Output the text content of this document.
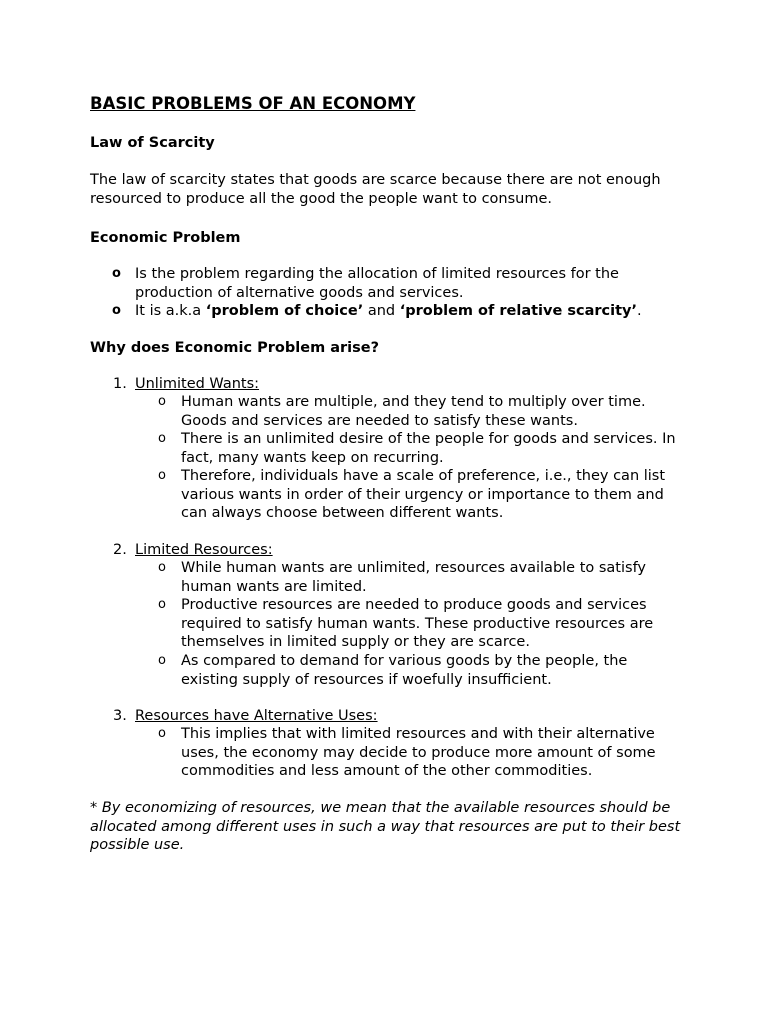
BASIC PROBLEMS OF AN ECONOMY
Law of Scarcity
The law of scarcity states that goods are scarce because there are not enough resourced to produce all the good the people want to consume.
Economic Problem
o Is the problem regarding the allocation of limited resources for the production of alternative goods and services.
o It is a.k.a ‘problem of choice’ and ‘problem of relative scarcity’.
Why does Economic Problem arise?
1. Unlimited Wants:
o Human wants are multiple, and they tend to multiply over time. Goods and services are needed to satisfy these wants.
o There is an unlimited desire of the people for goods and services. In fact, many wants keep on recurring.
o Therefore, individuals have a scale of preference, i.e., they can list various wants in order of their urgency or importance to them and can always choose between different wants.
2. Limited Resources:
o While human wants are unlimited, resources available to satisfy human wants are limited.
o Productive resources are needed to produce goods and services required to satisfy human wants. These productive resources are themselves in limited supply or they are scarce.
o As compared to demand for various goods by the people, the existing supply of resources if woefully insufficient.
3. Resources have Alternative Uses:
o This implies that with limited resources and with their alternative uses, the economy may decide to produce more amount of some commodities and less amount of the other commodities.
* By economizing of resources, we mean that the available resources should be allocated among different uses in such a way that resources are put to their best possible use.
